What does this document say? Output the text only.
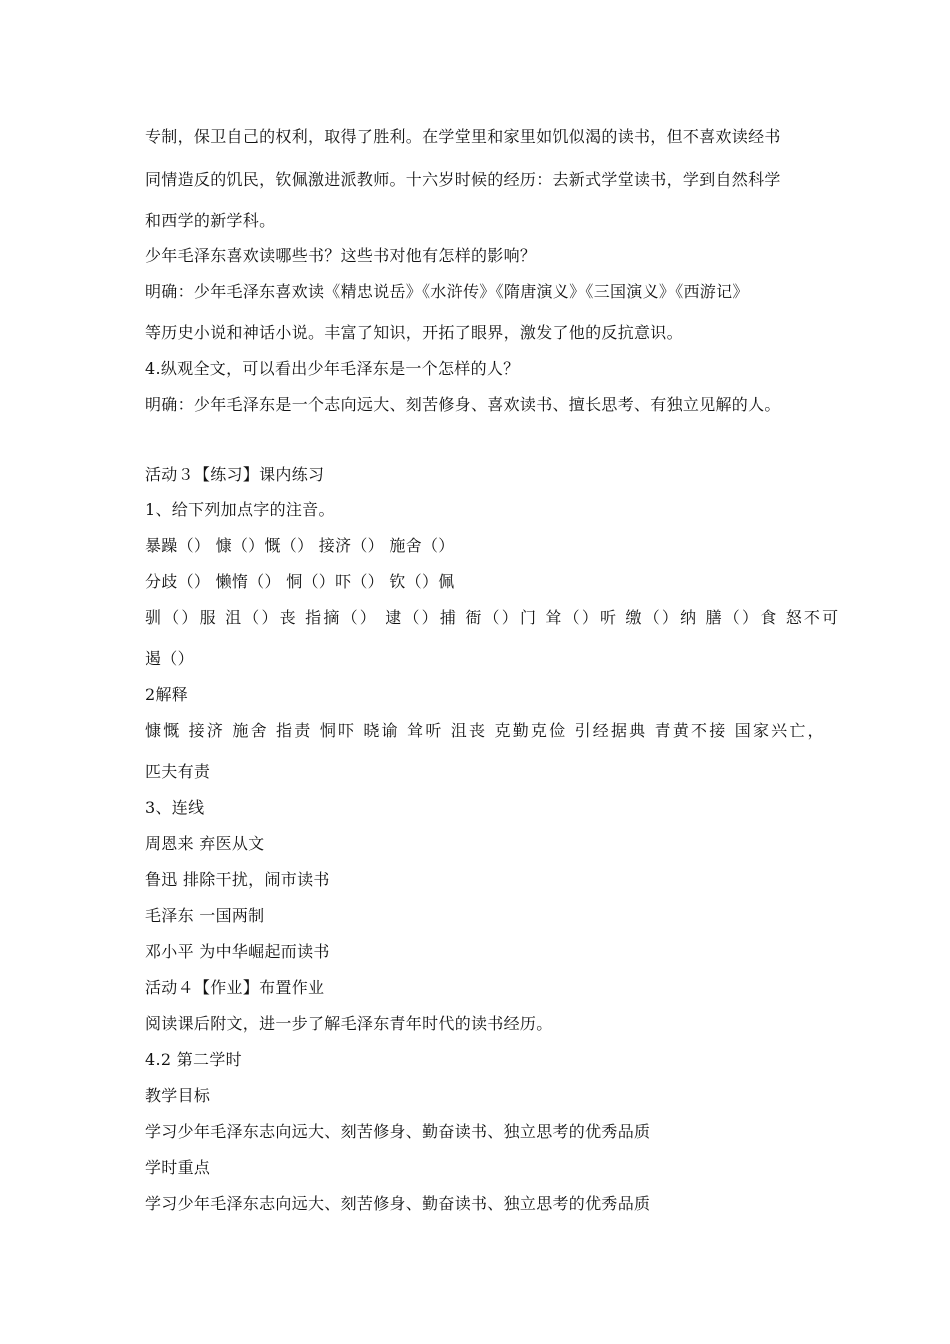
专制，保卫自己的权利，取得了胜利。在学堂里和家里如饥似渴的读书，但不喜欢读经书

同情造反的饥民，钦佩激进派教师。十六岁时候的经历：去新式学堂读书，学到自然科学

和西学的新学科。

少年毛泽东喜欢读哪些书？这些书对他有怎样的影响？

明确：少年毛泽东喜欢读《精忠说岳》《水浒传》《隋唐演义》《三国演义》《西游记》

等历史小说和神话小说。丰富了知识，开拓了眼界，激发了他的反抗意识。

4.纵观全文，可以看出少年毛泽东是一个怎样的人？

明确：少年毛泽东是一个志向远大、刻苦修身、喜欢读书、擅长思考、有独立见解的人。

活动３【练习】课内练习

1、给下列加点字的注音。

暴躁（） 慷（）慨（） 接济（） 施舍（）

分歧（） 懒惰（） 恫（）吓（） 钦（）佩

驯（）服 沮（）丧 指摘（） 逮（）捕 衙（）门 耸（）听 缴（）纳 膳（）食 怒不可

遏（）

2解释

慷慨 接济 施舍 指责 恫吓 晓谕 耸听 沮丧 克勤克俭 引经据典 青黄不接 国家兴亡，

匹夫有责

3、连线

周恩来 弃医从文

鲁迅 排除干扰，闹市读书

毛泽东 一国两制

邓小平 为中华崛起而读书

活动４【作业】布置作业

阅读课后附文，进一步了解毛泽东青年时代的读书经历。

4.2 第二学时

教学目标

学习少年毛泽东志向远大、刻苦修身、勤奋读书、独立思考的优秀品质

学时重点

学习少年毛泽东志向远大、刻苦修身、勤奋读书、独立思考的优秀品质
